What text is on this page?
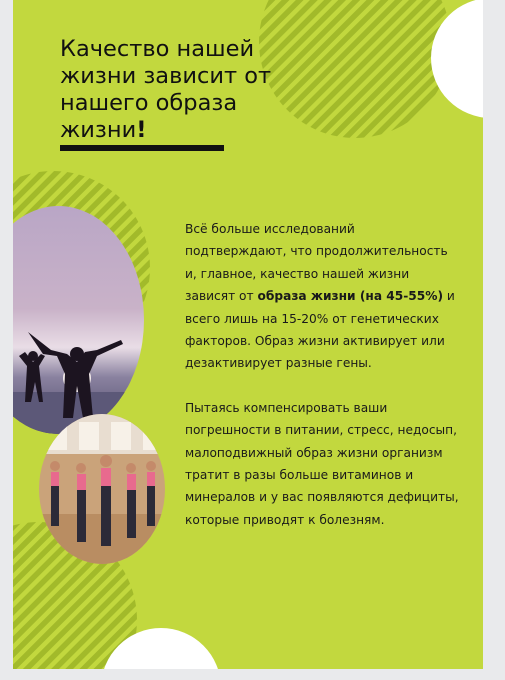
Качество нашей жизни зависит от нашего образа жизни!

Всё больше исследований подтверждают, что продолжительность и, главное, качество нашей жизни зависят от образа жизни (на 45-55%) и всего лишь на 15-20% от генетических факторов. Образ жизни активирует или дезактивирует разные гены.

Пытаясь компенсировать ваши погрешности в питании, стресс, недосып, малоподвижный образ жизни организм тратит в разы больше витаминов и минералов и у вас появляются дефициты, которые приводят к болезням.
